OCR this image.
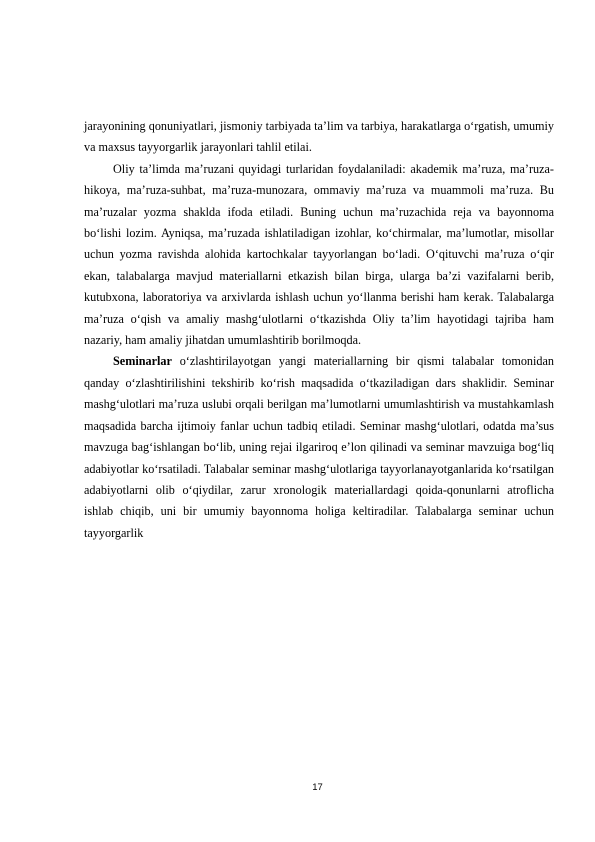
jarayonining qonuniyatlari, jismoniy tarbiyada ta’lim va tarbiya, harakatlarga o‘rgatish, umumiy va maxsus tayyorgarlik jarayonlari tahlil etilai.

Oliy ta’limda ma’ruzani quyidagi turlaridan foydalaniladi: akademik ma’ruza, ma’ruza-hikoya, ma’ruza-suhbat, ma’ruza-munozara, ommaviy ma’ruza va muammoli ma’ruza. Bu ma’ruzalar yozma shaklda ifoda etiladi. Buning uchun ma’ruzachida reja va bayonnoma bo‘lishi lozim. Ayniqsa, ma’ruzada ishlatiladigan izohlar, ko‘chirmalar, ma’lumotlar, misollar uchun yozma ravishda alohida kartochkalar tayyorlangan bo‘ladi. O‘qituvchi ma’ruza o‘qir ekan, talabalarga mavjud materiallarni etkazish bilan birga, ularga ba’zi vazifalarni berib, kutubxona, laboratoriya va arxivlarda ishlash uchun yo‘llanma berishi ham kerak. Talabalarga ma’ruza o‘qish va amaliy mashg‘ulotlarni o‘tkazishda Oliy ta’lim hayotidagi tajriba ham nazariy, ham amaliy jihatdan umumlashtirib borilmoqda.

Seminarlar o‘zlashtirilayotgan yangi materiallarning bir qismi talabalar tomonidan qanday o‘zlashtirilishini tekshirib ko‘rish maqsadida o‘tkaziladigan dars shaklidir. Seminar mashg‘ulotlari ma’ruza uslubi orqali berilgan ma’lumotlarni umumlashtirish va mustahkamlash maqsadida barcha ijtimoiy fanlar uchun tadbiq etiladi. Seminar mashg‘ulotlari, odatda ma’sus mavzuga bag‘ishlangan bo‘lib, uning rejai ilgariroq e’lon qilinadi va seminar mavzuiga bog‘liq adabiyotlar ko‘rsatiladi. Talabalar seminar mashg‘ulotlariga tayyorlanayotganlarida ko‘rsatilgan adabiyotlarni olib o‘qiydilar, zarur xronologik materiallardagi qoida-qonunlarni atroflicha ishlab chiqib, uni bir umumiy bayonnoma holiga keltiradilar. Talabalarga seminar uchun tayyorgarlik

17
